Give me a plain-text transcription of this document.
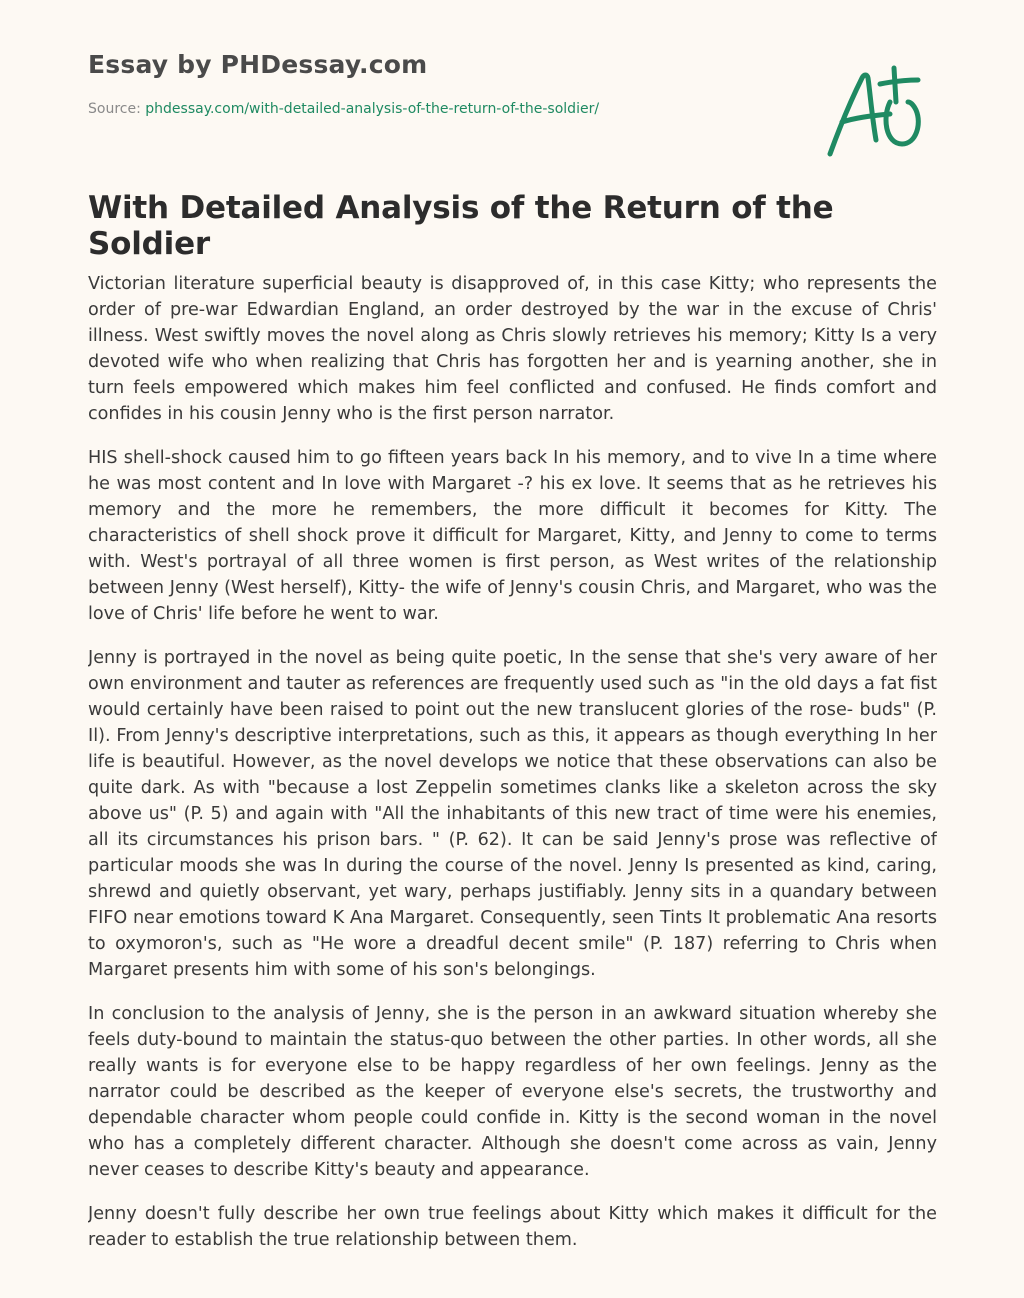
Essay by PHDessay.com
Source: phdessay.com/with-detailed-analysis-of-the-return-of-the-soldier/
With Detailed Analysis of the Return of the Soldier

Victorian literature superficial beauty is disapproved of, in this case Kitty; who represents the order of pre-war Edwardian England, an order destroyed by the war in the excuse of Chris' illness. West swiftly moves the novel along as Chris slowly retrieves his memory; Kitty Is a very devoted wife who when realizing that Chris has forgotten her and is yearning another, she in turn feels empowered which makes him feel conflicted and confused. He finds comfort and confides in his cousin Jenny who is the first person narrator.

HIS shell-shock caused him to go fifteen years back In his memory, and to vive In a time where he was most content and In love with Margaret -? his ex love. It seems that as he retrieves his memory and the more he remembers, the more difficult it becomes for Kitty. The characteristics of shell shock prove it difficult for Margaret, Kitty, and Jenny to come to terms with. West's portrayal of all three women is first person, as West writes of the relationship between Jenny (West herself), Kitty- the wife of Jenny's cousin Chris, and Margaret, who was the love of Chris' life before he went to war.

Jenny is portrayed in the novel as being quite poetic, In the sense that she's very aware of her own environment and tauter as references are frequently used such as "in the old days a fat fist would certainly have been raised to point out the new translucent glories of the rose- buds" (P. Il). From Jenny's descriptive interpretations, such as this, it appears as though everything In her life is beautiful. However, as the novel develops we notice that these observations can also be quite dark. As with "because a lost Zeppelin sometimes clanks like a skeleton across the sky above us" (P. 5) and again with "All the inhabitants of this new tract of time were his enemies, all its circumstances his prison bars. " (P. 62). It can be said Jenny's prose was reflective of particular moods she was In during the course of the novel. Jenny Is presented as kind, caring, shrewd and quietly observant, yet wary, perhaps justifiably. Jenny sits in a quandary between FIFO near emotions toward K Ana Margaret. Consequently, seen Tints It problematic Ana resorts to oxymoron's, such as "He wore a dreadful decent smile" (P. 187) referring to Chris when Margaret presents him with some of his son's belongings.

In conclusion to the analysis of Jenny, she is the person in an awkward situation whereby she feels duty-bound to maintain the status-quo between the other parties. In other words, all she really wants is for everyone else to be happy regardless of her own feelings. Jenny as the narrator could be described as the keeper of everyone else's secrets, the trustworthy and dependable character whom people could confide in. Kitty is the second woman in the novel who has a completely different character. Although she doesn't come across as vain, Jenny never ceases to describe Kitty's beauty and appearance.

Jenny doesn't fully describe her own true feelings about Kitty which makes it difficult for the reader to establish the true relationship between them.
